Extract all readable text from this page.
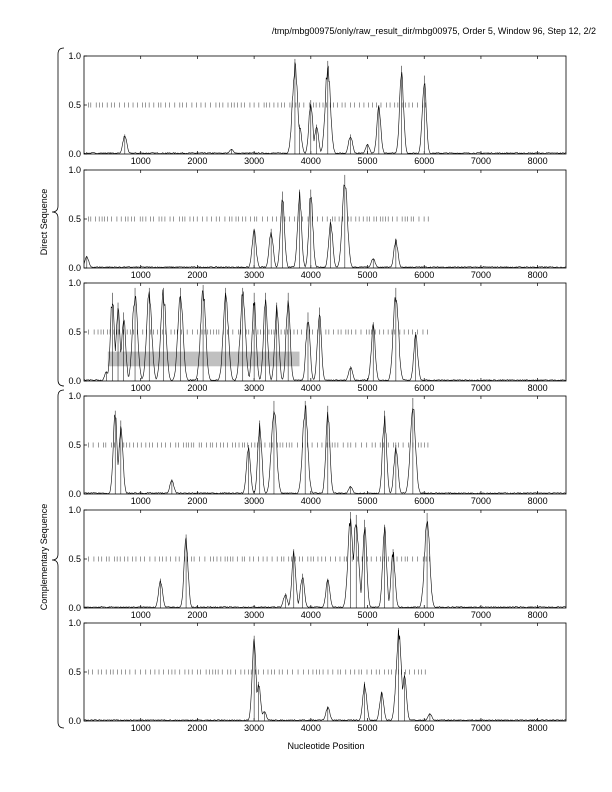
/tmp/mbg00975/only/raw_result_dir/mbg00975, Order 5, Window 96, Step 12, 2/2
0.0
0.5
1.0
1000	2000	3000	4000	5000	6000	7000	8000
0.0
0.5
1.0
1000	2000	3000	4000	5000	6000	7000	8000
0.0
0.5
1.0
1000	2000	3000	4000	5000	6000	7000	8000
0.0
0.5
1.0
1000	2000	3000	4000	5000	6000	7000	8000
0.0
0.5
1.0
1000	2000	3000	4000	5000	6000	7000	8000
0.0
0.5
1.0
1000	2000	3000	4000	5000	6000	7000	8000
Direct Sequence
Complementary Sequence
Nucleotide Position
